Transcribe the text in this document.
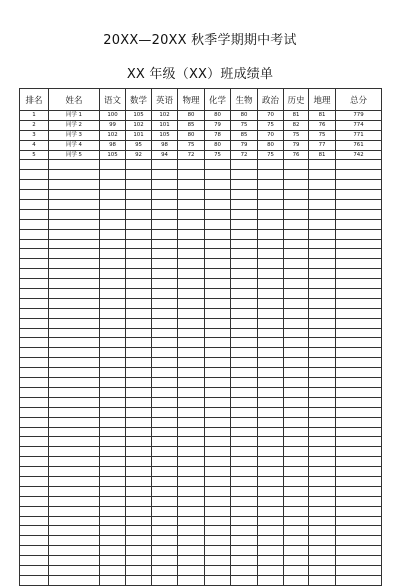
20XX—20XX 秋季学期期中考试
XX 年级（XX）班成绩单
排名	姓名	语文	数学	英语	物理	化学	生物	政治	历史	地理	总分
1	同学 1	100	105	102	80	80	80	70	81	81	779
2	同学 2	99	102	101	85	79	75	75	82	76	774
3	同学 3	102	101	105	80	78	85	70	75	75	771
4	同学 4	98	95	98	75	80	79	80	79	77	761
5	同学 5	105	92	94	72	75	72	75	76	81	742
